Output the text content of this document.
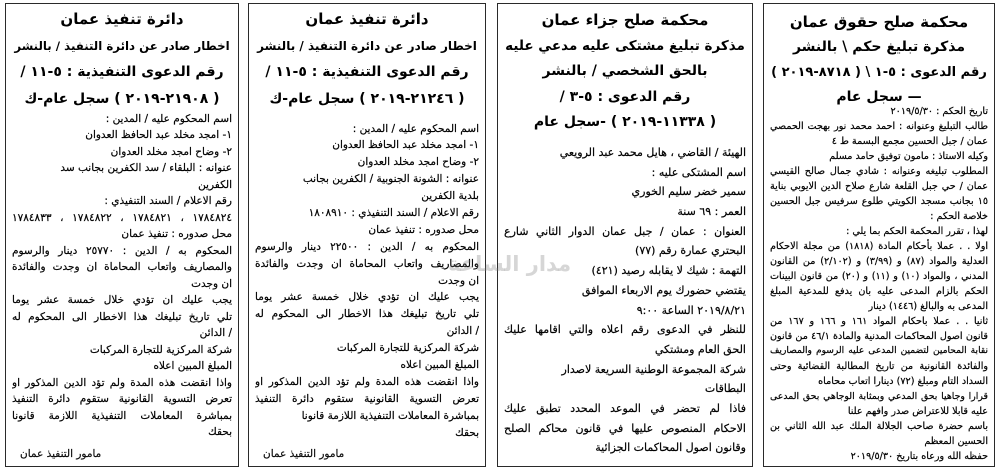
محكمة صلح حقوق عمان
مذكرة تبليغ حكم \ بالنشر
رقم الدعوى : ٥-١ \ ( ٨٧١٨-٢٠١٩ )
— سجل عام
تاريخ الحكم : ٢٠١٩/٥/٣٠
طالب التبليغ وعنوانه : احمد محمد نور بهجت الحمصي
عمان / جبل الحسين مجمع البسمة ط ٤
وكيله الاستاذ : مامون توفيق حامد مسلم
المطلوب تبليغه وعنوانه : شادي جمال صالح القيسي
عمان / حي جبل القلعة شارع صلاح الدين الايوبي بناية
١٥ بجانب مسجد الكويتي طلوع سرفيس جبل الحسين
خلاصة الحكم :
لهذا ، تقرر المحكمة الحكم بما يلي :
اولا . . عملا بأحكام المادة (١٨١٨) من مجلة الاحكام
العدلية والمواد (٨٧) و (٣/٩٩) و (٢/١٠٢) من القانون
المدني ، والمواد (١٠) و (١١) و (٢٠) من قانون البينات
الحكم بالزام المدعى عليه بان يدفع للمدعية المبلغ
المدعى به والبالغ (١٤٤٦) دينار
ثانيا . . عملا باحكام المواد ١٦١ و ١٦٦ و ١٦٧ من
قانون اصول المحاكمات المدنية والمادة ٤٦/١ من قانون
نقابة المحامين لتضمين المدعى عليه الرسوم والمصاريف
والفائدة القانونية من تاريخ المطالبة القضائية وحتى
السداد التام ومبلغ (٧٢) دينارا اتعاب محاماه
قرارا وجاهيا بحق المدعي وبمثابة الوجاهي بحق المدعى
عليه قابلا للاعتراض صدر وافهم علنا
باسم حضرة صاحب الجلالة الملك عبد الله الثاني بن
الحسين المعظم
حفظه الله ورعاه بتاريخ ٢٠١٩/٥/٣٠
محكمة صلح جزاء عمان
مذكرة تبليغ مشتكى عليه مدعي عليه
بالحق الشخصي / بالنشر
رقم الدعوى : ٥-٣ /
( ١١٣٣٨-٢٠١٩ ) -سجل عام
الهيئة / القاضي ، هايل محمد عبد الرويعي
اسم المشتكى عليه :
سمير خضر سليم الخوري
العمر : ٦٩ سنة
العنوان : عمان / جبل عمان الدوار الثاني شارع
البحتري عمارة رقم (٧٧)
التهمة : شيك لا يقابله رصيد (٤٢١)
يقتضي حضورك يوم الاربعاء الموافق
٢٠١٩/٨/٢١ الساعة ٩:٠٠
للنظر في الدعوى رقم اعلاه والتي اقامها عليك
الحق العام ومشتكي
شركة المجموعة الوطنية السريعة لاصدار
البطاقات
فاذا لم تحضر في الموعد المحدد تطبق عليك
الاحكام المنصوص عليها في قانون محاكم الصلح
وقانون اصول المحاكمات الجزائية
دائرة تنفيذ عمان
اخطار صادر عن دائرة التنفيذ / بالنشر
رقم الدعوى التنفيذية : ٥-١١ /
( ٢١٢٤٦-٢٠١٩ ) سجل عام-ك
اسم المحكوم عليه / المدين :
١- امجد مخلد عبد الحافظ العدوان
٢- وضاح امجد مخلد العدوان
عنوانه : الشونة الجنوبية / الكفرين بجانب
بلدية الكفرين
رقم الاعلام / السند التنفيذي : ١٨٠٨٩١٠
محل صدوره : تنفيذ عمان
المحكوم به / الدين : ٢٢٥٠٠ دينار والرسوم
والمصاريف واتعاب المحاماة ان وجدت والفائدة
ان وجدت
يجب عليك ان تؤدي خلال خمسة عشر يوما
تلي تاريخ تبليغك هذا الاخطار الى المحكوم له
/ الدائن
شركة المركزية للتجارة المركبات
المبلغ المبين اعلاه
واذا انقضت هذه المدة ولم تؤد الدين المذكور او
تعرض التسوية القانونية ستقوم دائرة التنفيذ
بمباشرة المعاملات التنفيذية اللازمة قانونا
بحقك
مامور التنفيذ عمان
دائرة تنفيذ عمان
اخطار صادر عن دائرة التنفيذ / بالنشر
رقم الدعوى التنفيذية : ٥-١١ /
( ٢١٩٠٨-٢٠١٩ ) سجل عام-ك
اسم المحكوم عليه / المدين :
١- امجد مخلد عبد الحافظ العدوان
٢- وضاح امجد مخلد العدوان
عنوانه : البلقاء / سد الكفرين بجانب سد
الكفرين
رقم الاعلام / السند التنفيذي :
١٧٨٤٨٢٤ ، ١٧٨٤٨٢١ ، ١٧٨٤٨٢٢ ، ١٧٨٤٨٣٣
محل صدوره : تنفيذ عمان
المحكوم به / الدين : ٢٥٧٧٠ دينار والرسوم
والمصاريف واتعاب المحاماة ان وجدت والفائدة
ان وجدت
يجب عليك ان تؤدي خلال خمسة عشر يوما
تلي تاريخ تبليغك هذا الاخطار الى المحكوم له
/ الدائن
شركة المركزية للتجارة المركبات
المبلغ المبين اعلاه
واذا انقضت هذه المدة ولم تؤد الدين المذكور او
تعرض التسوية القانونية ستقوم دائرة التنفيذ
بمباشرة المعاملات التنفيذية اللازمة قانونا
بحقك
مامور التنفيذ عمان
مدار الساعة
